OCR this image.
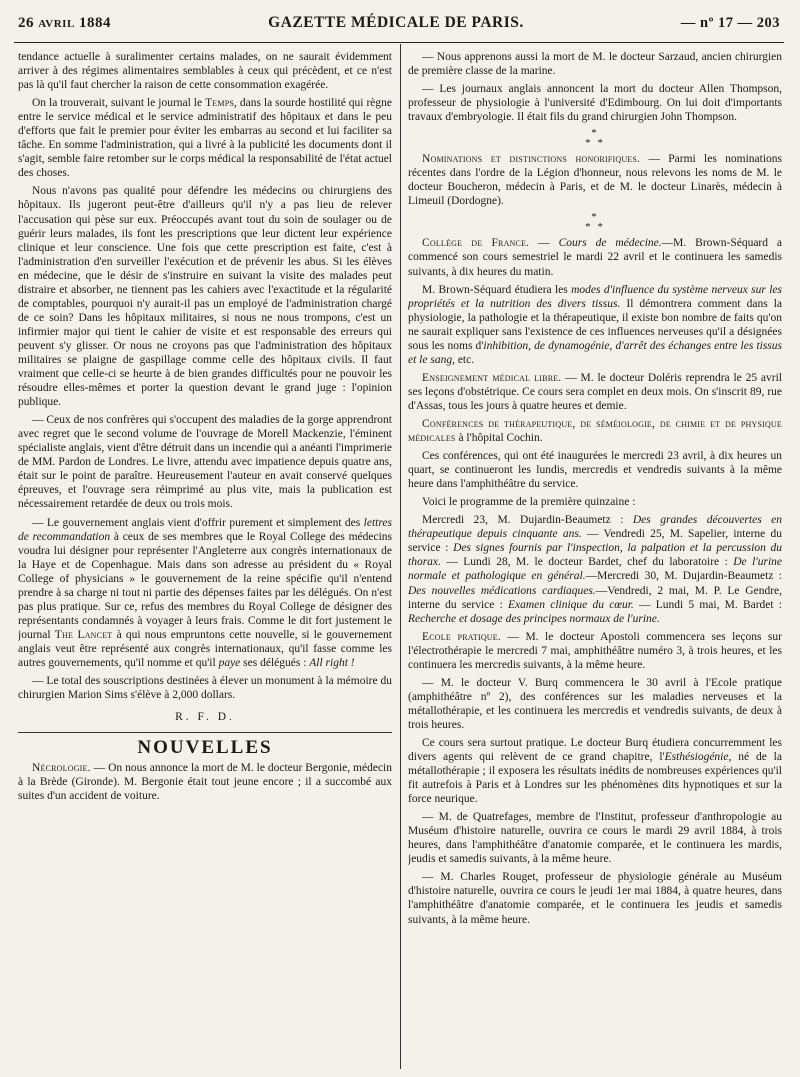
26 avril 1884	GAZETTE MÉDICALE DE PARIS.	— nº 17 — 203

tendance actuelle à suralimenter certains malades, on ne saurait évidemment arriver à des régimes alimentaires semblables à ceux qui précèdent, et ce n'est pas là qu'il faut chercher la raison de cette consommation exagérée.

On la trouverait, suivant le journal le Temps, dans la sourde hostilité qui règne entre le service médical et le service administratif des hôpitaux et dans le peu d'efforts que fait le premier pour éviter les embarras au second et lui faciliter sa tâche. En somme l'administration, qui a livré à la publicité les documents dont il s'agit, semble faire retomber sur le corps médical la responsabilité de l'état actuel des choses.

Nous n'avons pas qualité pour défendre les médecins ou chirurgiens des hôpitaux. Ils jugeront peut-être d'ailleurs qu'il n'y a pas lieu de relever l'accusation qui pèse sur eux. Préoccupés avant tout du soin de soulager ou de guérir leurs malades, ils font les prescriptions que leur dictent leur expérience clinique et leur conscience. Une fois que cette prescription est faite, c'est à l'administration d'en surveiller l'exécution et de prévenir les abus. Si les élèves en médecine, que le désir de s'instruire en suivant la visite des malades peut distraire et absorber, ne tiennent pas les cahiers avec l'exactitude et la régularité de comptables, pourquoi n'y aurait-il pas un employé de l'administration chargé de ce soin? Dans les hôpitaux militaires, si nous ne nous trompons, c'est un infirmier major qui tient le cahier de visite et est responsable des erreurs qui peuvent s'y glisser. Or nous ne croyons pas que l'administration des hôpitaux militaires se plaigne de gaspillage comme celle des hôpitaux civils. Il faut vraiment que celle-ci se heurte à de bien grandes difficultés pour ne pouvoir les résoudre elles-mêmes et porter la question devant le grand juge : l'opinion publique.

— Ceux de nos confrères qui s'occupent des maladies de la gorge apprendront avec regret que le second volume de l'ouvrage de Morell Mackenzie, l'éminent spécialiste anglais, vient d'être détruit dans un incendie qui a anéanti l'imprimerie de MM. Pardon de Londres. Le livre, attendu avec impatience depuis quatre ans, était sur le point de paraître. Heureusement l'auteur en avait conservé quelques épreuves, et l'ouvrage sera réimprimé au plus vite, mais la publication est nécessairement retardée de deux ou trois mois.

— Le gouvernement anglais vient d'offrir purement et simplement des lettres de recommandation à ceux de ses membres que le Royal College des médecins voudra lui désigner pour représenter l'Angleterre aux congrès internationaux de la Haye et de Copenhague. Mais dans son adresse au président du « Royal College of physicians » le gouvernement de la reine spécifie qu'il n'entend prendre à sa charge ni tout ni partie des dépenses faites par les délégués. On n'est pas plus pratique. Sur ce, refus des membres du Royal College de désigner des représentants condamnés à voyager à leurs frais. Comme le dit fort justement le journal The Lancet à qui nous empruntons cette nouvelle, si le gouvernement anglais veut être représenté aux congrès internationaux, qu'il fasse comme les autres gouvernements, qu'il nomme et qu'il paye ses délégués : All right !

— Le total des souscriptions destinées à élever un monument à la mémoire du chirurgien Marion Sims s'élève à 2,000 dollars.

R. F. D.
NOUVELLES

Nécrologie. — On nous annonce la mort de M. le docteur Bergonie, médecin à la Brède (Gironde). M. Bergonie était tout jeune encore ; il a succombé aux suites d'un accident de voiture.

— Nous apprenons aussi la mort de M. le docteur Sarzaud, ancien chirurgien de première classe de la marine.

— Les journaux anglais annoncent la mort du docteur Allen Thompson, professeur de physiologie à l'université d'Edimbourg. On lui doit d'importants travaux d'embryologie. Il était fils du grand chirurgien John Thompson.

*
* *

Nominations et distinctions honorifiques. — Parmi les nominations récentes dans l'ordre de la Légion d'honneur, nous relevons les noms de M. le docteur Boucheron, médecin à Paris, et de M. le docteur Linarès, médecin à Limeuil (Dordogne).

*
* *

Collège de France. — Cours de médecine.—M. Brown-Séquard a commencé son cours semestriel le mardi 22 avril et le continuera les samedis suivants, à dix heures du matin.

M. Brown-Séquard étudiera les modes d'influence du système nerveux sur les propriétés et la nutrition des divers tissus. Il démontrera comment dans la physiologie, la pathologie et la thérapeutique, il existe bon nombre de faits qu'on ne saurait expliquer sans l'existence de ces influences nerveuses qu'il a désignées sous les noms d'inhibition, de dynamogénie, d'arrêt des échanges entre les tissus et le sang, etc.

Enseignement médical libre. — M. le docteur Doléris reprendra le 25 avril ses leçons d'obstétrique. Ce cours sera complet en deux mois. On s'inscrit 89, rue d'Assas, tous les jours à quatre heures et demie.

Conférences de thérapeutique, de séméiologie, de chimie et de physique médicales à l'hôpital Cochin.

Ces conférences, qui ont été inaugurées le mercredi 23 avril, à dix heures un quart, se continueront les lundis, mercredis et vendredis suivants à la même heure dans l'amphithéâtre du service.

Voici le programme de la première quinzaine :

Mercredi 23, M. Dujardin-Beaumetz : Des grandes découvertes en thérapeutique depuis cinquante ans. — Vendredi 25, M. Sapelier, interne du service : Des signes fournis par l'inspection, la palpation et la percussion du thorax. — Lundi 28, M. le docteur Bardet, chef du laboratoire : De l'urine normale et pathologique en général.—Mercredi 30, M. Dujardin-Beaumetz : Des nouvelles médications cardiaques.—Vendredi, 2 mai, M. P. Le Gendre, interne du service : Examen clinique du cœur. — Lundi 5 mai, M. Bardet : Recherche et dosage des principes normaux de l'urine.

Ecole pratique. — M. le docteur Apostoli commencera ses leçons sur l'électrothérapie le mercredi 7 mai, amphithéâtre numéro 3, à trois heures, et les continuera les mercredis suivants, à la même heure.

— M. le docteur V. Burq commencera le 30 avril à l'Ecole pratique (amphithéâtre nº 2), des conférences sur les maladies nerveuses et la métallothérapie, et les continuera les mercredis et vendredis suivants, de deux à trois heures.

Ce cours sera surtout pratique. Le docteur Burq étudiera concurremment les divers agents qui relèvent de ce grand chapitre, l'Esthésiogénie, né de la métallothérapie ; il exposera les résultats inédits de nombreuses expériences qu'il fit autrefois à Paris et à Londres sur les phénomènes dits hypnotiques et sur la force neurique.

— M. de Quatrefages, membre de l'Institut, professeur d'anthropologie au Muséum d'histoire naturelle, ouvrira ce cours le mardi 29 avril 1884, à trois heures, dans l'amphithéâtre d'anatomie comparée, et le continuera les mardis, jeudis et samedis suivants, à la même heure.

— M. Charles Rouget, professeur de physiologie générale au Muséum d'histoire naturelle, ouvrira ce cours le jeudi 1er mai 1884, à quatre heures, dans l'amphithéâtre d'anatomie comparée, et le continuera les jeudis et samedis suivants, à la même heure.
